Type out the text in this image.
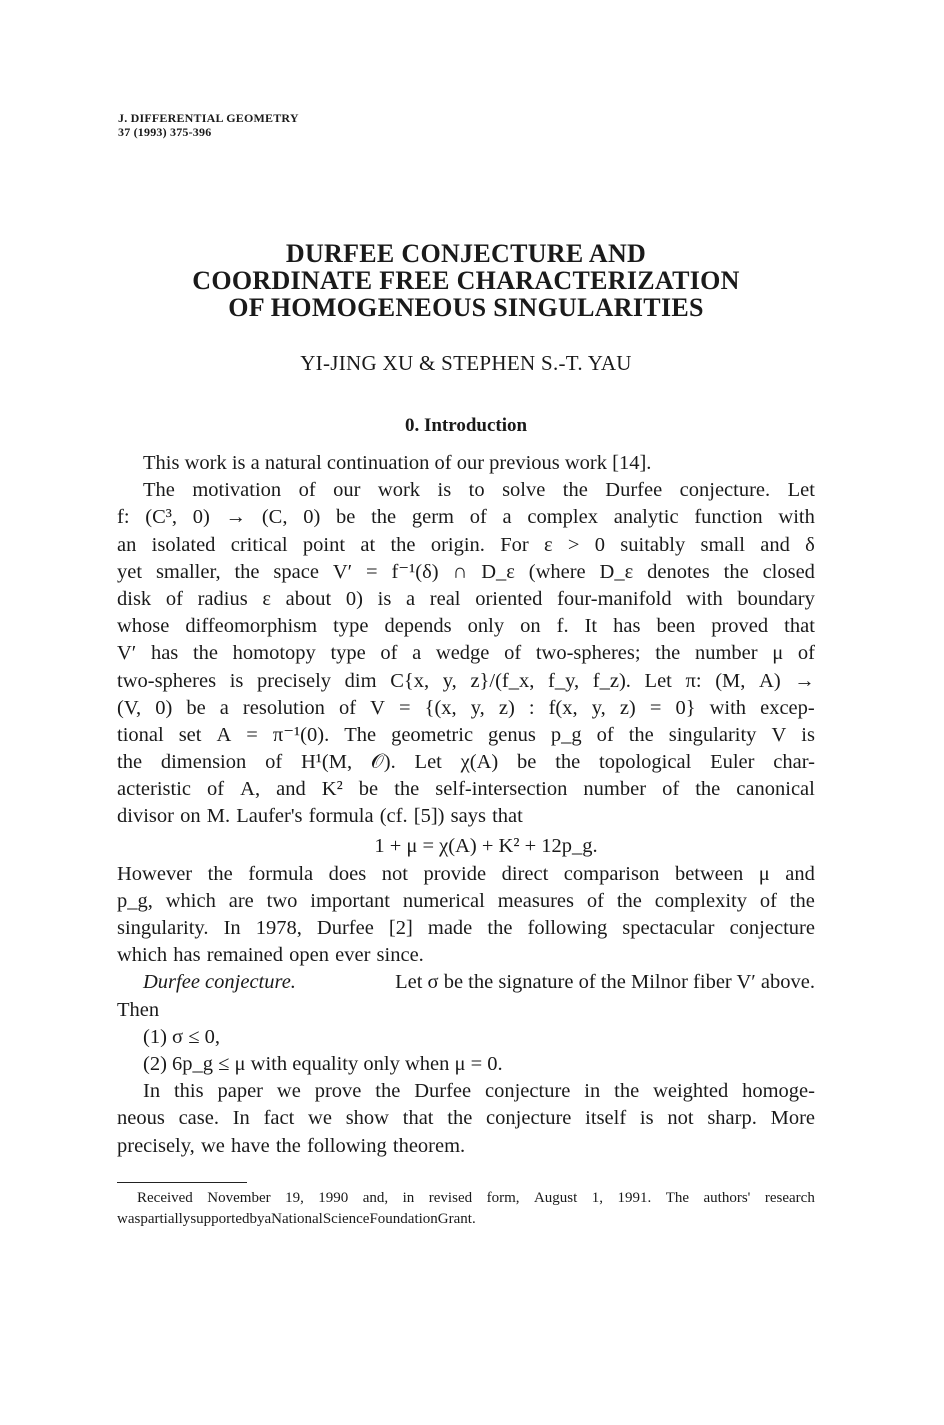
J. DIFFERENTIAL GEOMETRY
37 (1993) 375-396
DURFEE CONJECTURE AND
COORDINATE FREE CHARACTERIZATION
OF HOMOGENEOUS SINGULARITIES
YI-JING XU & STEPHEN S.-T. YAU
0. Introduction
This work is a natural continuation of our previous work [14].
The motivation of our work is to solve the Durfee conjecture. Let
f: (C³, 0) → (C, 0) be the germ of a complex analytic function with
an isolated critical point at the origin. For ε > 0 suitably small and δ
yet smaller, the space V′ = f⁻¹(δ) ∩ D_ε (where D_ε denotes the closed
disk of radius ε about 0) is a real oriented four-manifold with boundary
whose diffeomorphism type depends only on f. It has been proved that
V′ has the homotopy type of a wedge of two-spheres; the number μ of
two-spheres is precisely dim C{x, y, z}/(f_x, f_y, f_z). Let π: (M, A) →
(V, 0) be a resolution of V = {(x, y, z) : f(x, y, z) = 0} with excep-
tional set A = π⁻¹(0). The geometric genus p_g of the singularity V is
the dimension of H¹(M, 𝒪). Let χ(A) be the topological Euler char-
acteristic of A, and K² be the self-intersection number of the canonical
divisor on M. Laufer's formula (cf. [5]) says that
1 + μ = χ(A) + K² + 12p_g.
However the formula does not provide direct comparison between μ and
p_g, which are two important numerical measures of the complexity of the
singularity. In 1978, Durfee [2] made the following spectacular conjecture
which has remained open ever since.
Durfee conjecture.	Let σ be the signature of the Milnor fiber V′ above.
Then
(1) σ ≤ 0,
(2) 6p_g ≤ μ with equality only when μ = 0.
In this paper we prove the Durfee conjecture in the weighted homoge-
neous case. In fact we show that the conjecture itself is not sharp. More
precisely, we have the following theorem.
Received November 19, 1990 and, in revised form, August 1, 1991. The authors' research
was partially supported by a National Science Foundation Grant.
